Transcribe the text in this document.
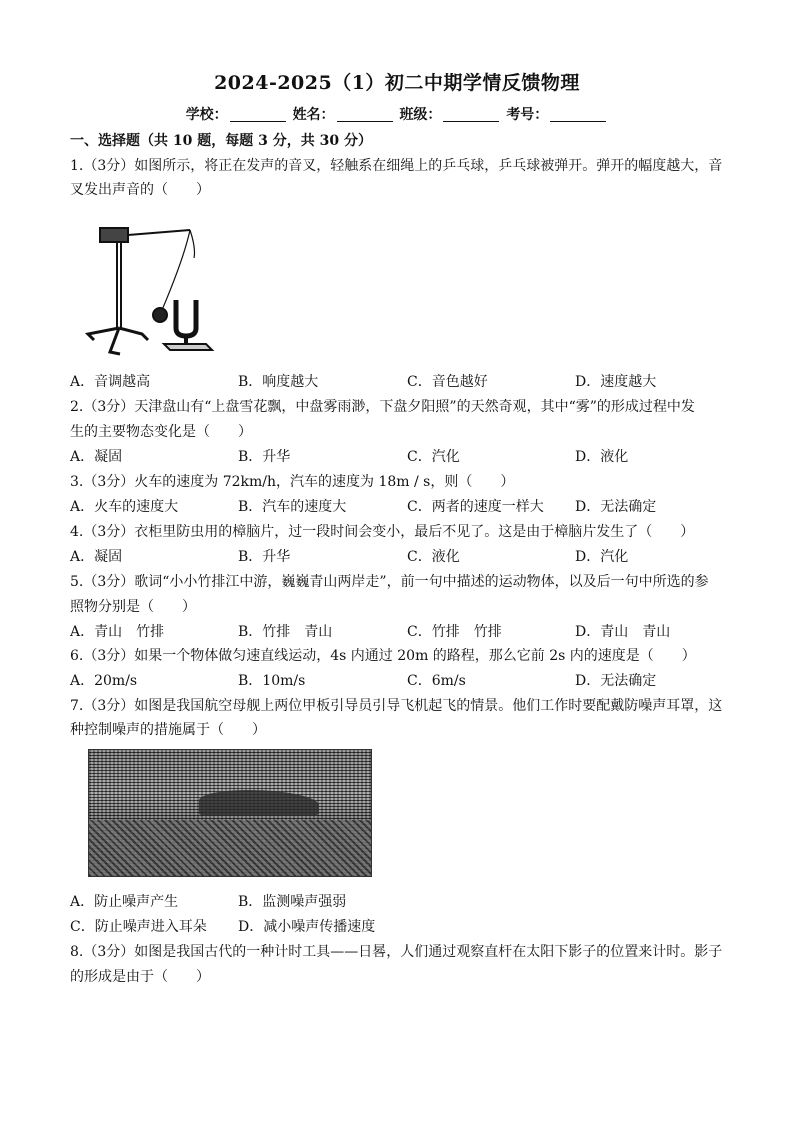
2024-2025（1）初二中期学情反馈物理
学校：	姓名：	班级：	考号：
一、选择题（共 10 题，每题 3 分，共 30 分）
1.（3分）如图所示，将正在发声的音叉，轻触系在细绳上的乒乓球，乒乓球被弹开。弹开的幅度越大，音
叉发出声音的（　　）
A．音调越高	B．响度越大	C．音色越好	D．速度越大
2.（3分）天津盘山有“上盘雪花飘，中盘雾雨渺，下盘夕阳照”的天然奇观，其中“雾”的形成过程中发
生的主要物态变化是（　　）
A．凝固	B．升华	C．汽化	D．液化
3.（3分）火车的速度为 72km/h，汽车的速度为 18m / s，则（　　）
A．火车的速度大	B．汽车的速度大	C．两者的速度一样大 D．无法确定
4.（3分）衣柜里防虫用的樟脑片，过一段时间会变小，最后不见了。这是由于樟脑片发生了（　　）
A．凝固	B．升华	C．液化	D．汽化
5.（3分）歌词“小小竹排江中游，巍巍青山两岸走”，前一句中描述的运动物体，以及后一句中所选的参
照物分别是（　　）
A．青山　竹排	B．竹排　青山	C．竹排　竹排	D．青山　青山
6.（3分）如果一个物体做匀速直线运动，4s 内通过 20m 的路程，那么它前 2s 内的速度是（　　）
A．20m/s	B．10m/s	C．6m/s	D．无法确定
7.（3分）如图是我国航空母舰上两位甲板引导员引导飞机起飞的情景。他们工作时要配戴防噪声耳罩，这
种控制噪声的措施属于（　　）
A．防止噪声产生	B．监测噪声强弱
C．防止噪声进入耳朵 D．减小噪声传播速度
8.（3分）如图是我国古代的一种计时工具——日晷，人们通过观察直杆在太阳下影子的位置来计时。影子
的形成是由于（　　）
